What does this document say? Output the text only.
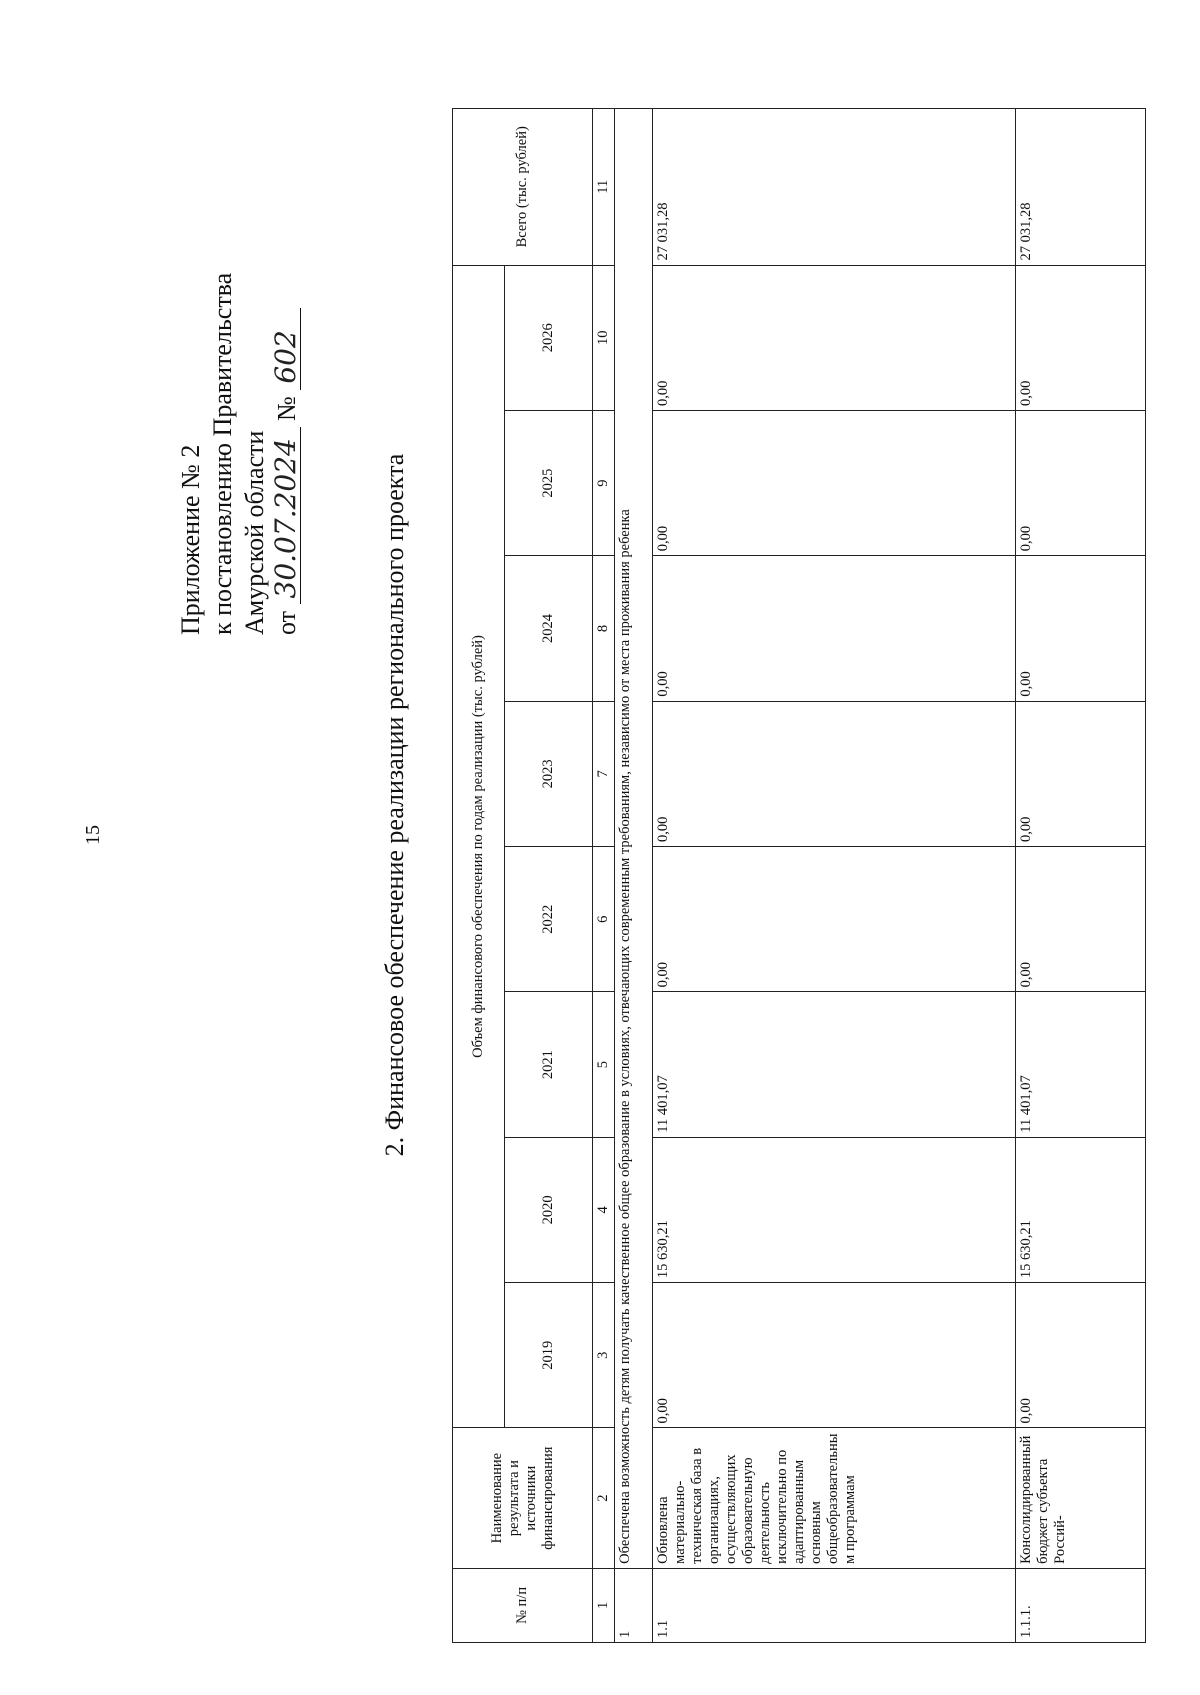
15
Приложение № 2 к постановлению Правительства Амурской области от 30.07.2024 № 602
2. Финансовое обеспечение реализации регионального проекта
№ п/п	Наименование результата и источники финансирования	Объем финансового обеспечения по годам реализации (тыс. рублей)								Всего (тыс. рублей)
		2019	2020	2021	2022	2023	2024	2025	2026	
1	2	3	4	5	6	7	8	9	10	11
1	Обеспечена возможность детям получать качественное общее образование в условиях, отвечающих современным требованиям, независимо от места проживания ребенка									
1.1	Обновлена материально-техническая база в организациях, осуществляющих образовательную деятельность исключительно по адаптированным основным общеобразовательным программам	0,00	15 630,21	11 401,07	0,00	0,00	0,00	0,00	0,00	27 031,28
1.1.1.	Консолидированный бюджет субъекта Россий-	0,00	15 630,21	11 401,07	0,00	0,00	0,00	0,00	0,00	27 031,28
